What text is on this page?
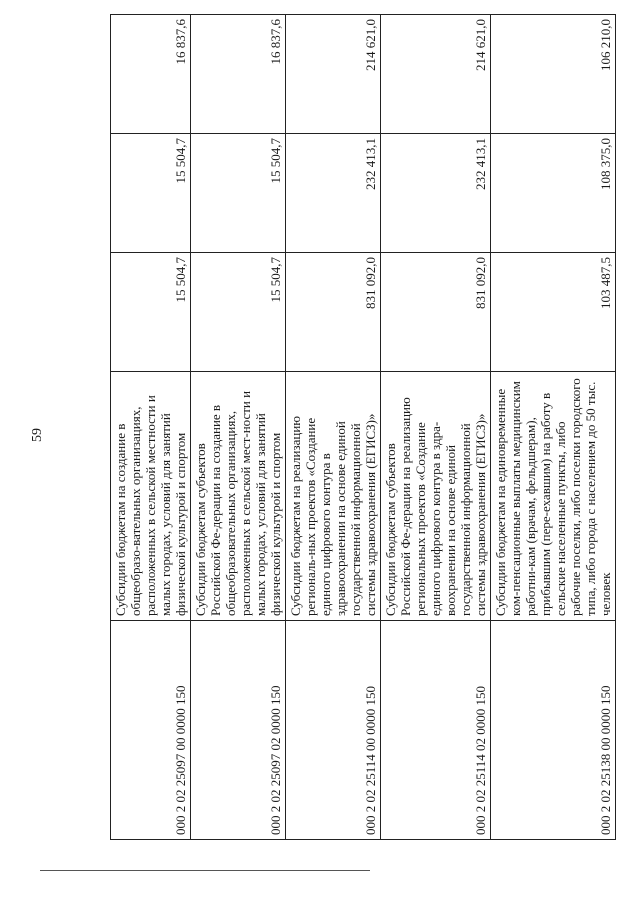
59
000 2 02 25097 00 0000 150	Субсидии бюджетам на создание в общеобразо-вательных организациях, расположенных в сельской местности и малых городах, условий для занятий физической культурой и спортом	15 504,7	15 504,7	16 837,6
000 2 02 25097 02 0000 150	Субсидии бюджетам субъектов Российской Фе-дерации на создание в общеобразовательных организациях, расположенных в сельской мест-ности и малых городах, условий для занятий физической культурой и спортом	15 504,7	15 504,7	16 837,6
000 2 02 25114 00 0000 150	Субсидии бюджетам на реализацию региональ-ных проектов «Создание единого цифрового контура в здравоохранении на основе единой государственной информационной системы здравоохранения (ЕГИСЗ)»	831 092,0	232 413,1	214 621,0
000 2 02 25114 02 0000 150	Субсидии бюджетам субъектов Российской Фе-дерации на реализацию региональных проектов «Создание единого цифрового контура в здра-воохранении на основе единой государственной информационной системы здравоохранения (ЕГИСЗ)»	831 092,0	232 413,1	214 621,0
000 2 02 25138 00 0000 150	Субсидии бюджетам на единовременные ком-пенсационные выплаты медицинским работни-кам (врачам, фельдшерам), прибывшим (пере-ехавшим) на работу в сельские населенные пункты, либо рабочие поселки, либо поселки городского типа, либо города с населением до 50 тыс. человек	103 487,5	108 375,0	106 210,0
